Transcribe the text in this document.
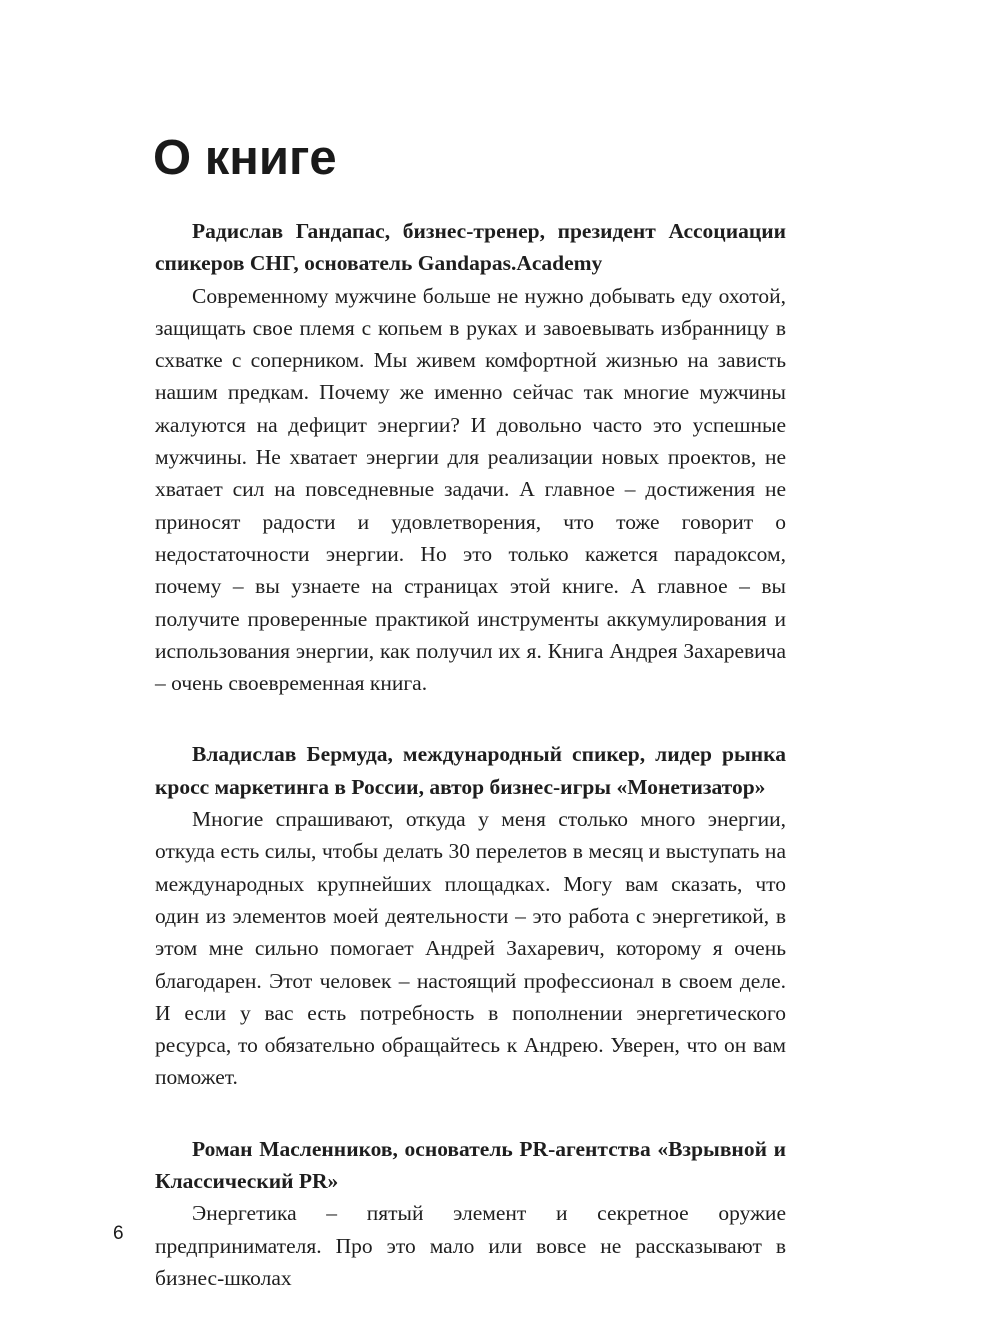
О книге

Радислав Гандапас, бизнес-тренер, президент Ассоциации спикеров СНГ, основатель Gandapas.Academy

Современному мужчине больше не нужно добывать еду охотой, защищать свое племя с копьем в руках и завоевывать избранницу в схватке с соперником. Мы живем комфортной жизнью на зависть нашим предкам. Почему же именно сейчас так многие мужчины жалуются на дефицит энергии? И довольно часто это успешные мужчины. Не хватает энергии для реализации новых проектов, не хватает сил на повседневные задачи. А главное – достижения не приносят радости и удовлетворения, что тоже говорит о недостаточности энергии. Но это только кажется парадоксом, почему – вы узнаете на страницах этой книге. А главное – вы получите проверенные практикой инструменты аккумулирования и использования энергии, как получил их я. Книга Андрея Захаревича – очень своевременная книга.

Владислав Бермуда, международный спикер, лидер рынка кросс маркетинга в России, автор бизнес-игры «Монетизатор»

Многие спрашивают, откуда у меня столько много энергии, откуда есть силы, чтобы делать 30 перелетов в месяц и выступать на международных крупнейших площадках. Могу вам сказать, что один из элементов моей деятельности – это работа с энергетикой, в этом мне сильно помогает Андрей Захаревич, которому я очень благодарен. Этот человек – настоящий профессионал в своем деле. И если у вас есть потребность в пополнении энергетического ресурса, то обязательно обращайтесь к Андрею. Уверен, что он вам поможет.

Роман Масленников, основатель PR-агентства «Взрывной и Классический PR»

Энергетика – пятый элемент и секретное оружие предпринимателя. Про это мало или вовсе не рассказывают в бизнес-школах

6
